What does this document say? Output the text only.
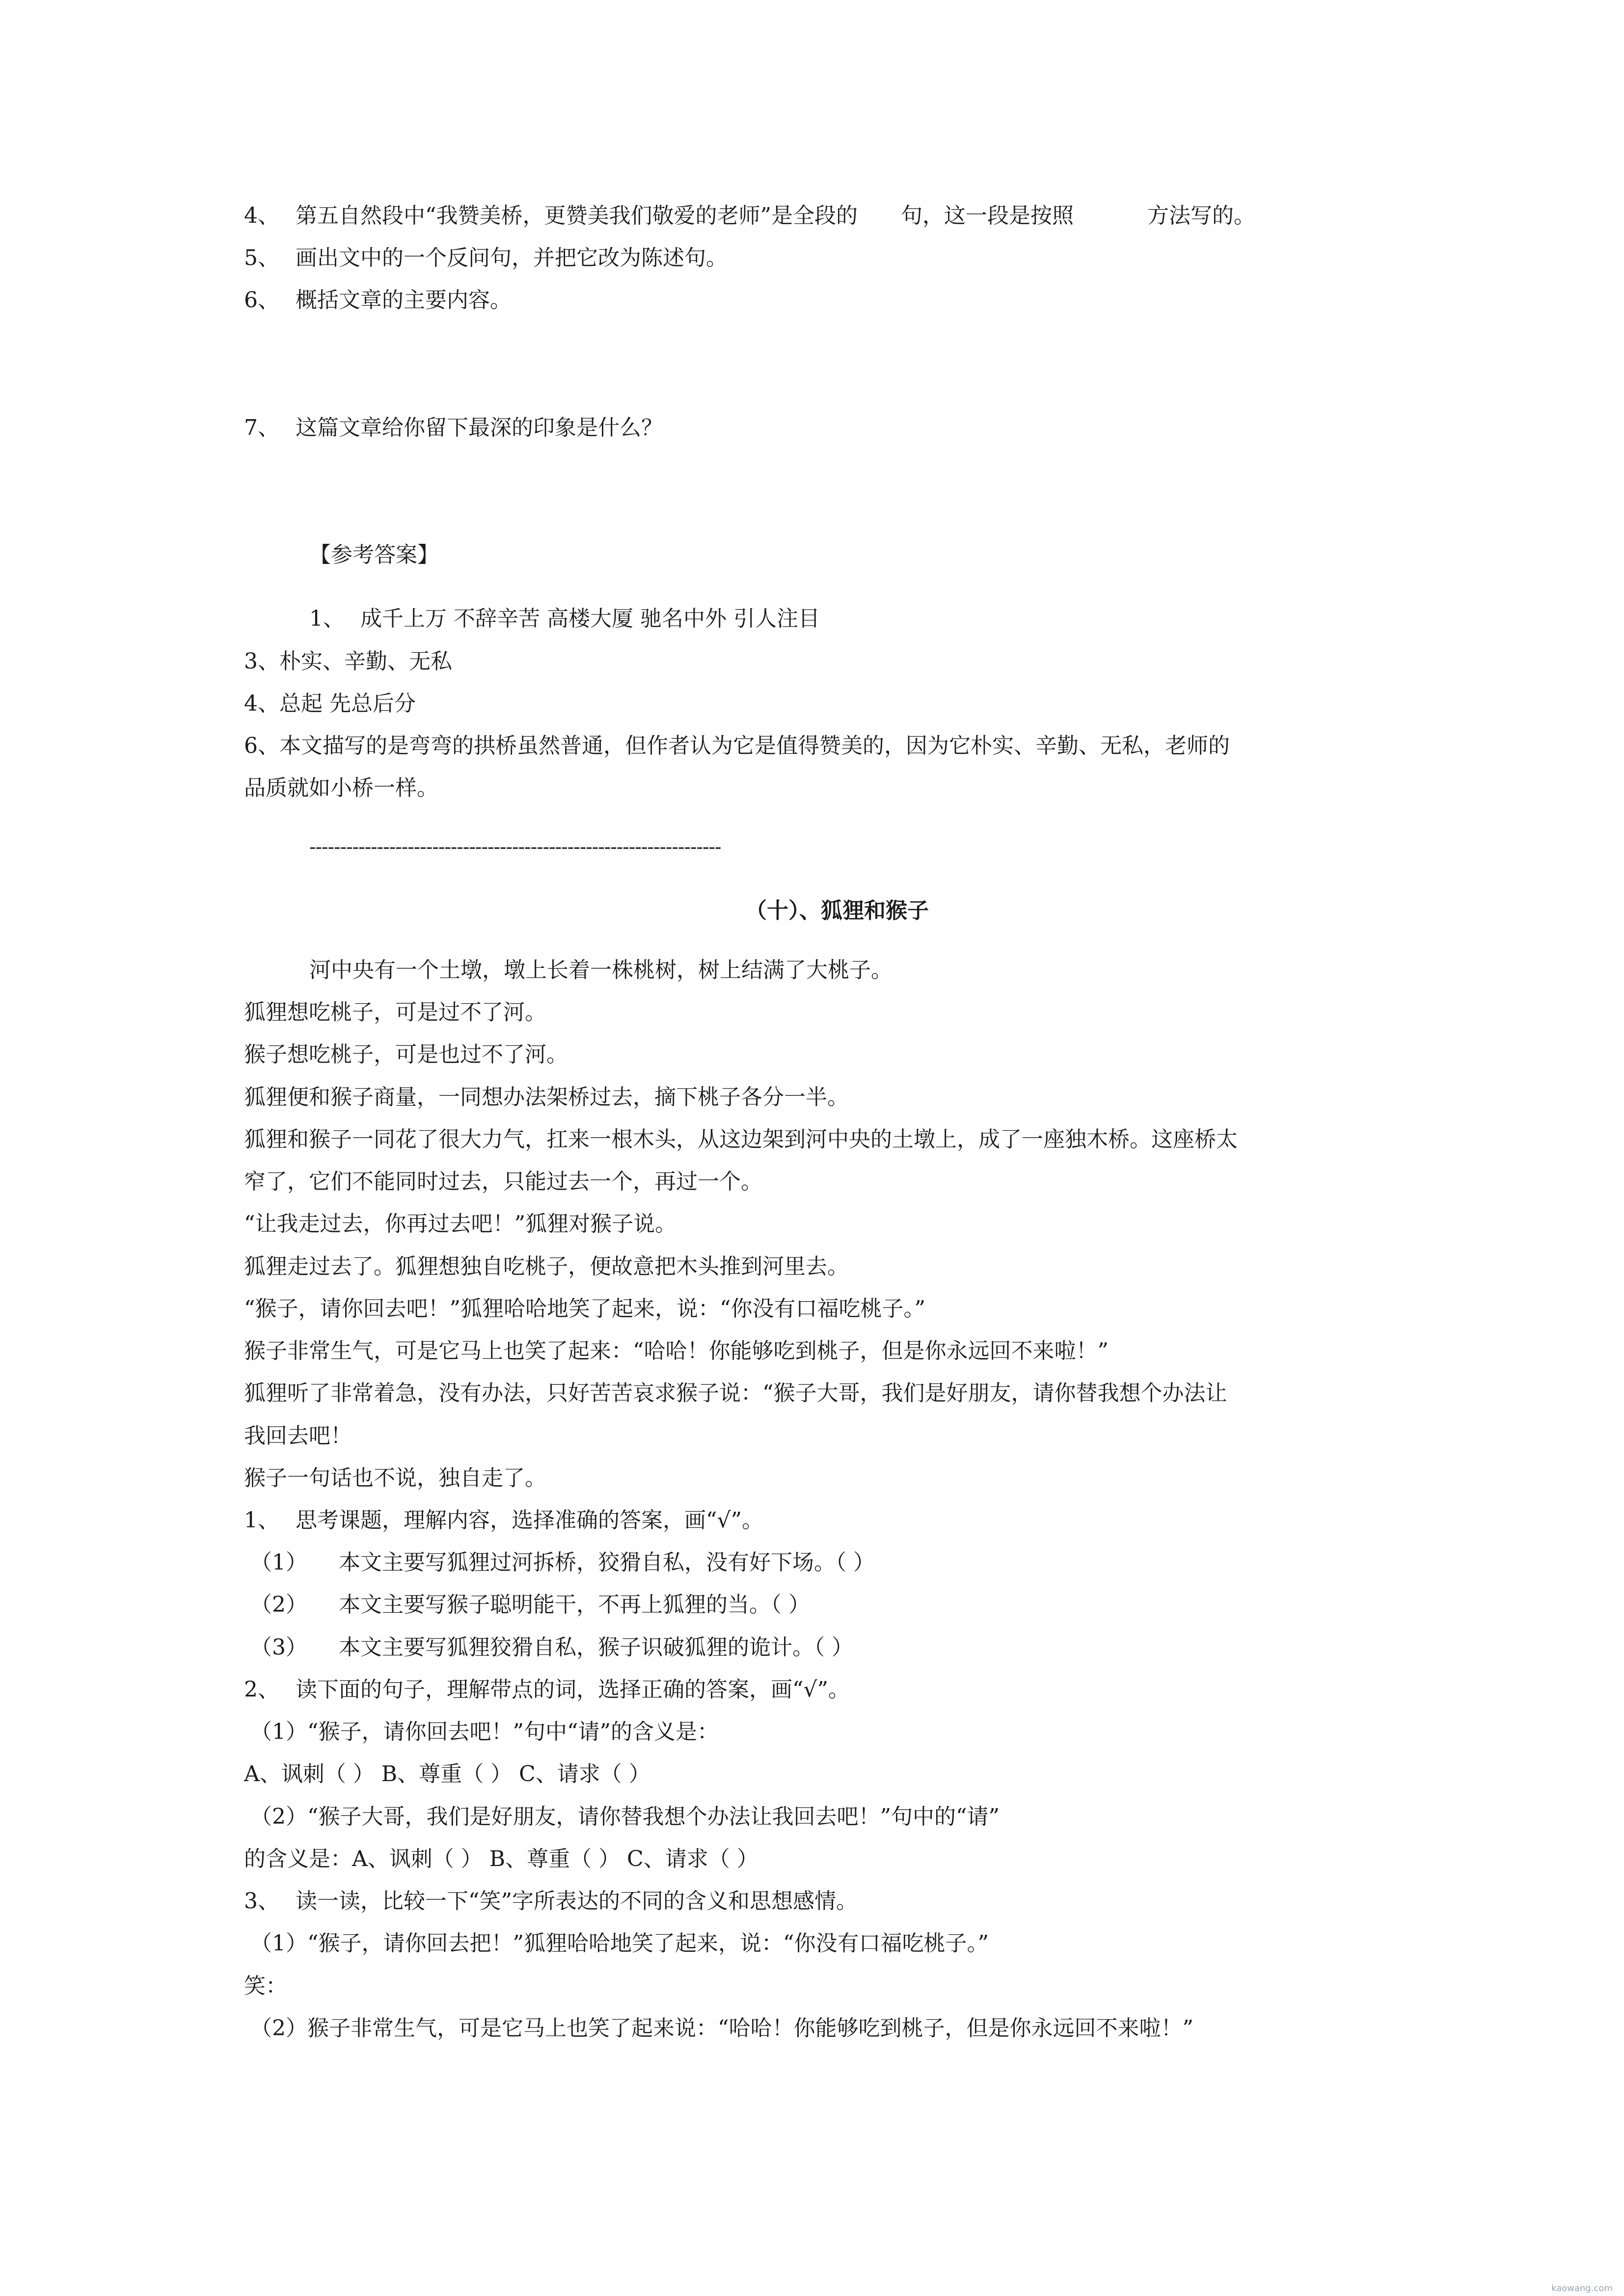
4、 第五自然段中“我赞美桥，更赞美我们敬爱的老师”是全段的 句，这一段是按照	方法写的。

5、 画出文中的一个反问句，并把它改为陈述句。

6、 概括文章的主要内容。

7、 这篇文章给你留下最深的印象是什么？

【参考答案】

1、 成千上万 不辞辛苦 高楼大厦 驰名中外 引人注目

3、朴实、辛勤、无私

4、总起 先总后分

6、本文描写的是弯弯的拱桥虽然普通，但作者认为它是值得赞美的，因为它朴实、辛勤、无私，老师的

品质就如小桥一样。

-------------------------------------------------------------------

（十）、狐狸和猴子

河中央有一个土墩，墩上长着一株桃树，树上结满了大桃子。

狐狸想吃桃子，可是过不了河。

猴子想吃桃子，可是也过不了河。

狐狸便和猴子商量，一同想办法架桥过去，摘下桃子各分一半。

狐狸和猴子一同花了很大力气，扛来一根木头，从这边架到河中央的土墩上，成了一座独木桥。这座桥太

窄了，它们不能同时过去，只能过去一个，再过一个。

“让我走过去，你再过去吧！”狐狸对猴子说。

狐狸走过去了。狐狸想独自吃桃子，便故意把木头推到河里去。

“猴子，请你回去吧！”狐狸哈哈地笑了起来，说：“你没有口福吃桃子。”

猴子非常生气，可是它马上也笑了起来：“哈哈！你能够吃到桃子，但是你永远回不来啦！”

狐狸听了非常着急，没有办法，只好苦苦哀求猴子说：“猴子大哥，我们是好朋友，请你替我想个办法让

我回去吧！

猴子一句话也不说，独自走了。

1、 思考课题，理解内容，选择准确的答案，画“√”。

（1） 本文主要写狐狸过河拆桥，狡猾自私，没有好下场。（ ）

（2） 本文主要写猴子聪明能干，不再上狐狸的当。（ ）

（3） 本文主要写狐狸狡猾自私，猴子识破狐狸的诡计。（ ）

2、 读下面的句子，理解带点的词，选择正确的答案，画“√”。

（1）“猴子，请你回去吧！”句中“请”的含义是：

A、讽刺（ ） B、尊重（ ） C、请求（ ）

（2）“猴子大哥，我们是好朋友，请你替我想个办法让我回去吧！”句中的“请”

的含义是：A、讽刺（ ） B、尊重（ ） C、请求（ ）

3、 读一读，比较一下“笑”字所表达的不同的含义和思想感情。

（1）“猴子，请你回去把！”狐狸哈哈地笑了起来，说：“你没有口福吃桃子。”

笑：

（2）猴子非常生气，可是它马上也笑了起来说：“哈哈！你能够吃到桃子，但是你永远回不来啦！”

kaowang.com
